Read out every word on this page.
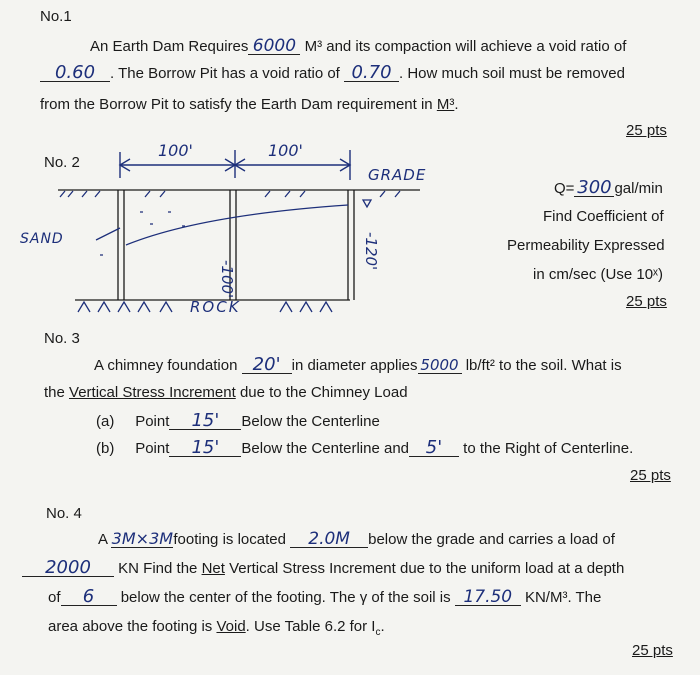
No.1
An Earth Dam Requires 6000 M³ and its compaction will achieve a void ratio of
0.60 . The Borrow Pit has a void ratio of 0.70 . How much soil must be removed
from the Borrow Pit to satisfy the Earth Dam requirement in M³.
25 pts
No. 2
100'	100'
GRADE
SAND
-100'
-120'
ROCK
Q= 300 gal/min
Find Coefficient of
Permeability Expressed
in cm/sec (Use 10ˣ)
25 pts
No. 3
A chimney foundation 20' in diameter applies 5000 lb/ft² to the soil. What is
the Vertical Stress Increment due to the Chimney Load
(a) Point 15' Below the Centerline
(b) Point 15' Below the Centerline and 5' to the Right of Centerline.
25 pts
No. 4
A 3M×3Mfooting is located 2.0M below the grade and carries a load of
2000 KN Find the Net Vertical Stress Increment due to the uniform load at a depth
of 6 below the center of the footing. The γ of the soil is 17.50 KN/M³. The
area above the footing is Void. Use Table 6.2 for $I_c$.
25 pts
